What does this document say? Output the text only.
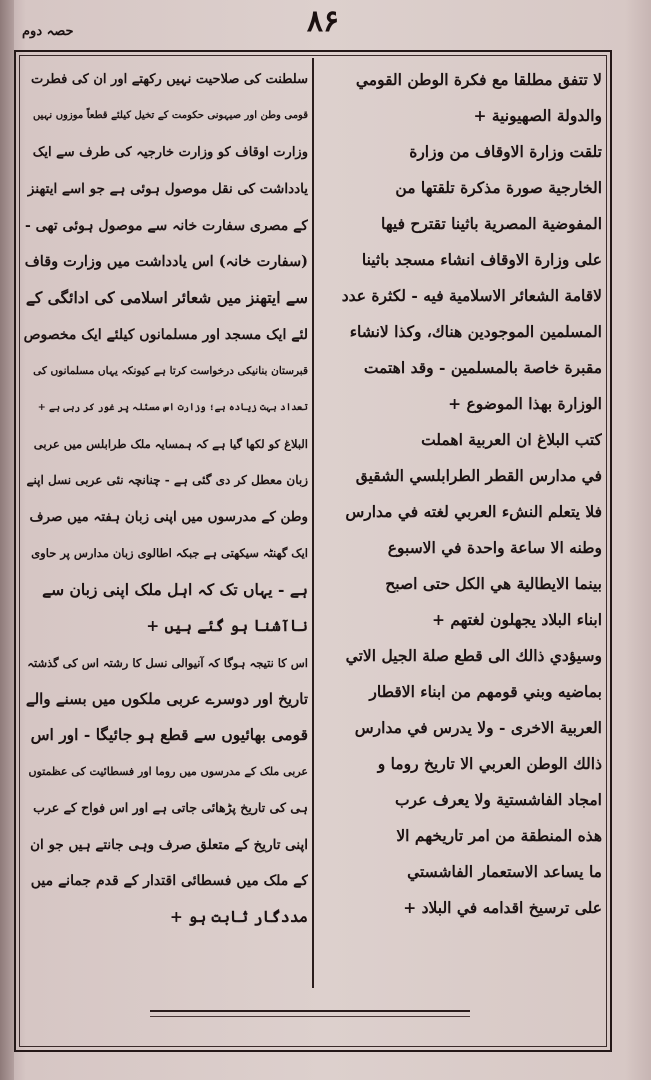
۸۶
حصہ دوم
لا تتفق مطلقا مع فكرة الوطن القومي
والدولة الصهيونية +
تلقت وزارة الاوقاف من وزارة
الخارجية صورة مذكرة تلقتها من
المفوضية المصرية باثينا تقترح فيها
على وزارة الاوقاف انشاء مسجد باثينا
لاقامة الشعائر الاسلامية فيه - لكثرة عدد
المسلمين الموجودين هناك، وكذا لانشاء
مقبرة خاصة بالمسلمين - وقد اهتمت
الوزارة بهذا الموضوع +
كتب البلاغ ان العربية اهملت
في مدارس القطر الطرابلسي الشقيق
فلا يتعلم النشء العربي لغته في مدارس
وطنه الا ساعة واحدة في الاسبوع
بينما الايطالية هي الكل حتى اصبح
ابناء البلاد يجهلون لغتهم +
وسيؤدي ذالك الى قطع صلة الجيل الاتي
بماضيه وبني قومهم من ابناء الاقطار
العربية الاخرى - ولا يدرس في مدارس
ذالك الوطن العربي الا تاريخ روما و
امجاد الفاشستية ولا يعرف عرب
هذه المنطقة من امر تاريخهم الا
ما يساعد الاستعمار الفاشستي
على ترسيخ اقدامه في البلاد +
سلطنت کی صلاحیت نہیں رکھتے اور ان کی فطرت
قومی وطن اور صیہونی حکومت کے تخیل کیلئے قطعاً موزوں نہیں
وزارت اوقاف کو وزارت خارجیہ کی طرف سے ایک
یادداشت کی نقل موصول ہوئی ہے جو اسے ایتھنز
کے مصری سفارت خانہ سے موصول ہوئی تھی -
(سفارت خانہ) اس یادداشت میں وزارت وقاف
سے ایتھنز میں شعائر اسلامی کی ادائگی کے
لئے ایک مسجد اور مسلمانوں کیلئے ایک مخصوص
قبرستان بنانیکی درخواست کرتا ہے کیونکہ یہاں مسلمانوں کی
تعداد بہت زیادہ ہے؛ وزارت اس مسئلہ پر غور کر رہی ہے +
البلاغ کو لکھا گیا ہے کہ ہمسایہ ملک طرابلس میں عربی
زبان معطل کر دی گئی ہے - چنانچہ نئی عربی نسل اپنے
وطن کے مدرسوں میں اپنی زبان ہفتہ میں صرف
ایک گھنٹہ سیکھتی ہے جبکہ اطالوی زبان مدارس پر حاوی
ہے - یہاں تک کہ اہل ملک اپنی زبان سے
ناآشنا ہو گئے ہیں +
اس کا نتیجہ ہوگا کہ آنیوالی نسل کا رشتہ اس کی گذشتہ
تاریخ اور دوسرے عربی ملکوں میں بسنے والے
قومی بھائیوں سے قطع ہو جائیگا - اور اس
عربی ملک کے مدرسوں میں روما اور فسطائیت کی عظمتوں
ہی کی تاریخ پڑھائی جاتی ہے اور اس فواح کے عرب
اپنی تاریخ کے متعلق صرف وہی جانتے ہیں جو ان
کے ملک میں فسطائی اقتدار کے قدم جمانے میں
مددگار ثابت ہو +
